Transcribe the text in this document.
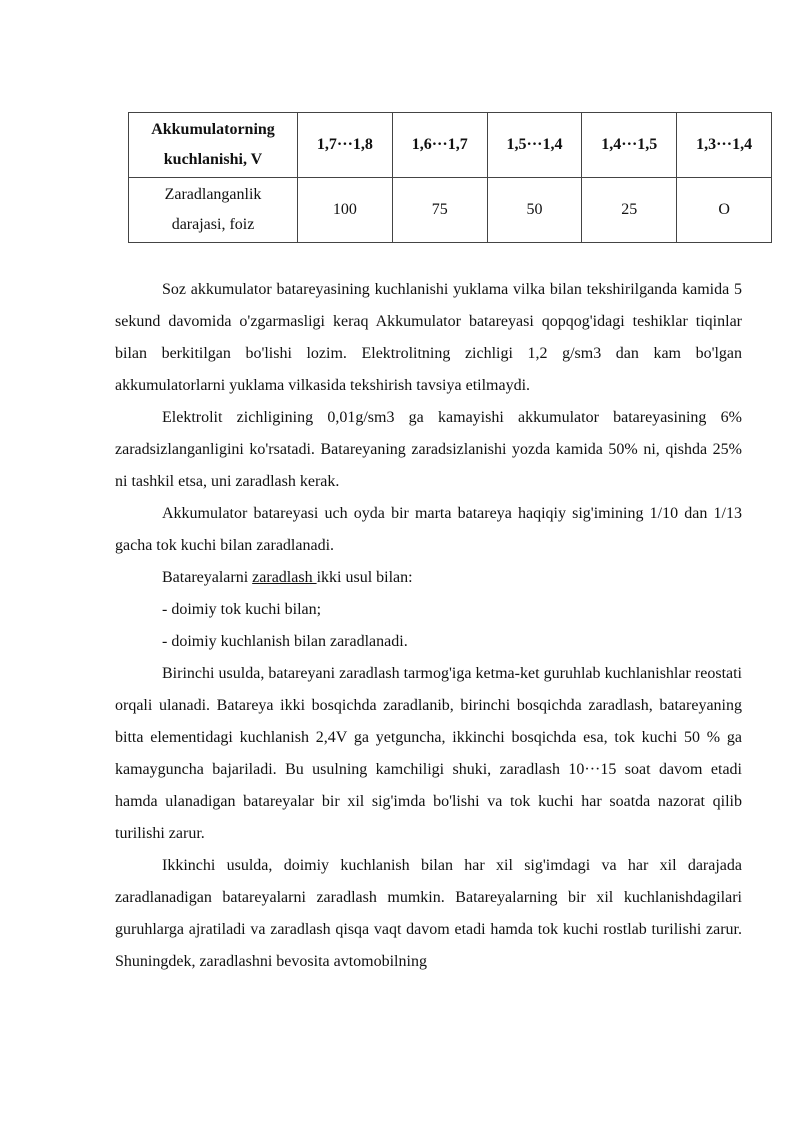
Akkumulatorning
kuchlanishi, V	1,7···1,8	1,6···1,7	1,5···1,4	1,4···1,5	1,3···1,4
Zaradlanganlik
darajasi, foiz	100	75	50	25	O

Soz akkumulator batareyasining kuchlanishi yuklama vilka bilan tekshirilganda kamida 5 sekund davomida o'zgarmasligi keraq Akkumulator batareyasi qopqog'idagi teshiklar tiqinlar bilan berkitilgan bo'lishi lozim. Elektrolitning zichligi 1,2 g/sm3 dan kam bo'lgan akkumulatorlarni yuklama vilkasida tekshirish tavsiya etilmaydi.

Elektrolit zichligining 0,01g/sm3 ga kamayishi akkumulator batareyasining 6% zaradsizlanganligini ko'rsatadi. Batareyaning zaradsizlanishi yozda kamida 50% ni, qishda 25% ni tashkil etsa, uni zaradlash kerak.

Akkumulator batareyasi uch oyda bir marta batareya haqiqiy sig'imining 1/10 dan 1/13 gacha tok kuchi bilan zaradlanadi.

Batareyalarni zaradlash ikki usul bilan:

- doimiy tok kuchi bilan;

- doimiy kuchlanish bilan zaradlanadi.

Birinchi usulda, batareyani zaradlash tarmog'iga ketma-ket guruhlab kuchlanishlar reostati orqali ulanadi. Batareya ikki bosqichda zaradlanib, birinchi bosqichda zaradlash, batareyaning bitta elementidagi kuchlanish 2,4V ga yetguncha, ikkinchi bosqichda esa, tok kuchi 50 % ga kamayguncha bajariladi. Bu usulning kamchiligi shuki, zaradlash 10···15 soat davom etadi hamda ulanadigan batareyalar bir xil sig'imda bo'lishi va tok kuchi har soatda nazorat qilib turilishi zarur.

Ikkinchi usulda, doimiy kuchlanish bilan har xil sig'imdagi va har xil darajada zaradlanadigan batareyalarni zaradlash mumkin. Batareyalarning bir xil kuchlanishdagilari guruhlarga ajratiladi va zaradlash qisqa vaqt davom etadi hamda tok kuchi rostlab turilishi zarur. Shuningdek, zaradlashni bevosita avtomobilning
